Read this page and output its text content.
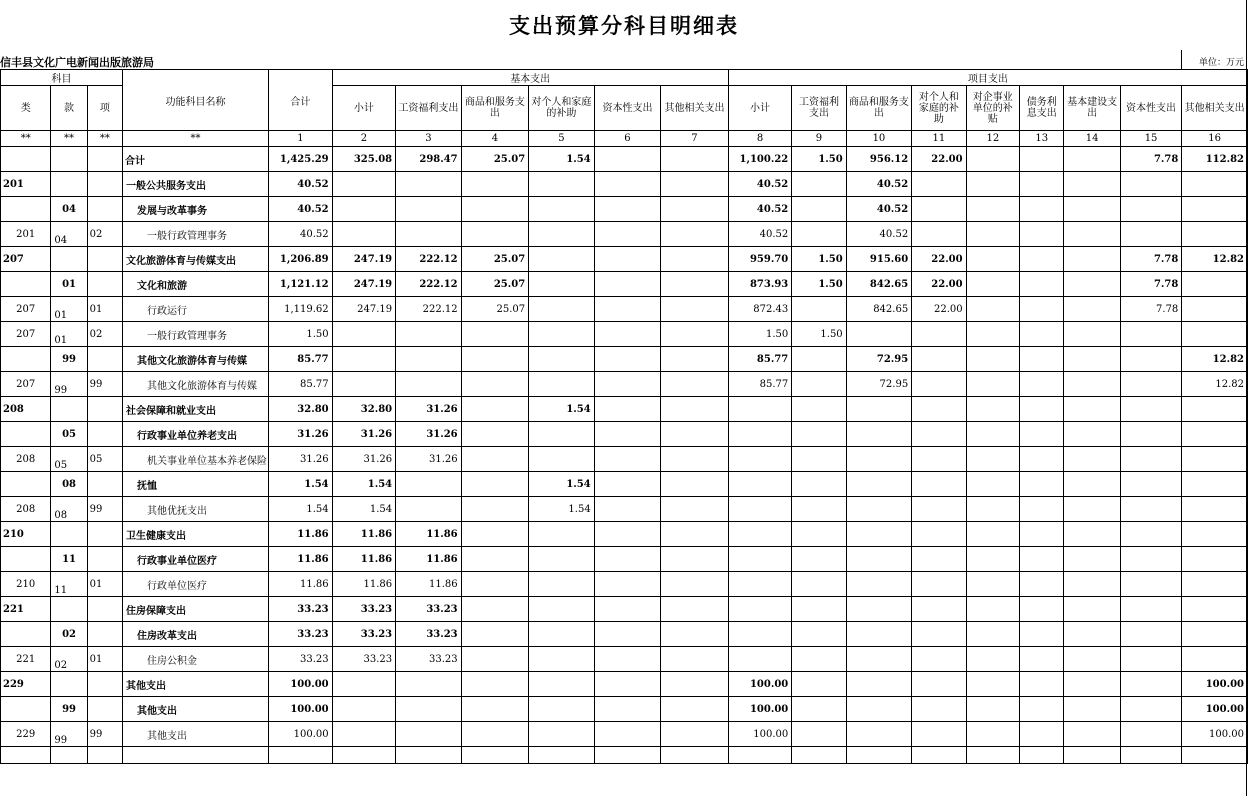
支出预算分科目明细表
信丰县文化广电新闻出版旅游局	单位：万元
科目			功能科目名称	合计	基本支出						项目支出								
类	款	项			小计	工资福利支出	商品和服务支出	对个人和家庭的补助	资本性支出	其他相关支出	小计	工资福利支出	商品和服务支出	对个人和家庭的补助	对企事业单位的补贴	债务利息支出	基本建设支出	资本性支出	其他相关支出
**	**	**	**	1	2	3	4	5	6	7	8	9	10	11	12	13	14	15	16
			合计	1,425.29	325.08	298.47	25.07	1.54			1,100.22	1.50	956.12	22.00				7.78	112.82
201			一般公共服务支出	40.52							40.52		40.52						
	04		发展与改革事务	40.52							40.52		40.52						
201	04	02	一般行政管理事务	40.52							40.52		40.52						
207			文化旅游体育与传媒支出	1,206.89	247.19	222.12	25.07				959.70	1.50	915.60	22.00				7.78	12.82
	01		文化和旅游	1,121.12	247.19	222.12	25.07				873.93	1.50	842.65	22.00				7.78	
207	01	01	行政运行	1,119.62	247.19	222.12	25.07				872.43		842.65	22.00				7.78	
207	01	02	一般行政管理事务	1.50							1.50	1.50							
	99		其他文化旅游体育与传媒	85.77							85.77		72.95						12.82
207	99	99	其他文化旅游体育与传媒	85.77							85.77		72.95						12.82
208			社会保障和就业支出	32.80	32.80	31.26		1.54											
	05		行政事业单位养老支出	31.26	31.26	31.26													
208	05	05	机关事业单位基本养老保险	31.26	31.26	31.26													
	08		抚恤	1.54	1.54			1.54											
208	08	99	其他优抚支出	1.54	1.54			1.54											
210			卫生健康支出	11.86	11.86	11.86													
	11		行政事业单位医疗	11.86	11.86	11.86													
210	11	01	行政单位医疗	11.86	11.86	11.86													
221			住房保障支出	33.23	33.23	33.23													
	02		住房改革支出	33.23	33.23	33.23													
221	02	01	住房公积金	33.23	33.23	33.23													
229			其他支出	100.00							100.00								100.00
	99		其他支出	100.00							100.00								100.00
229	99	99	其他支出	100.00							100.00								100.00
